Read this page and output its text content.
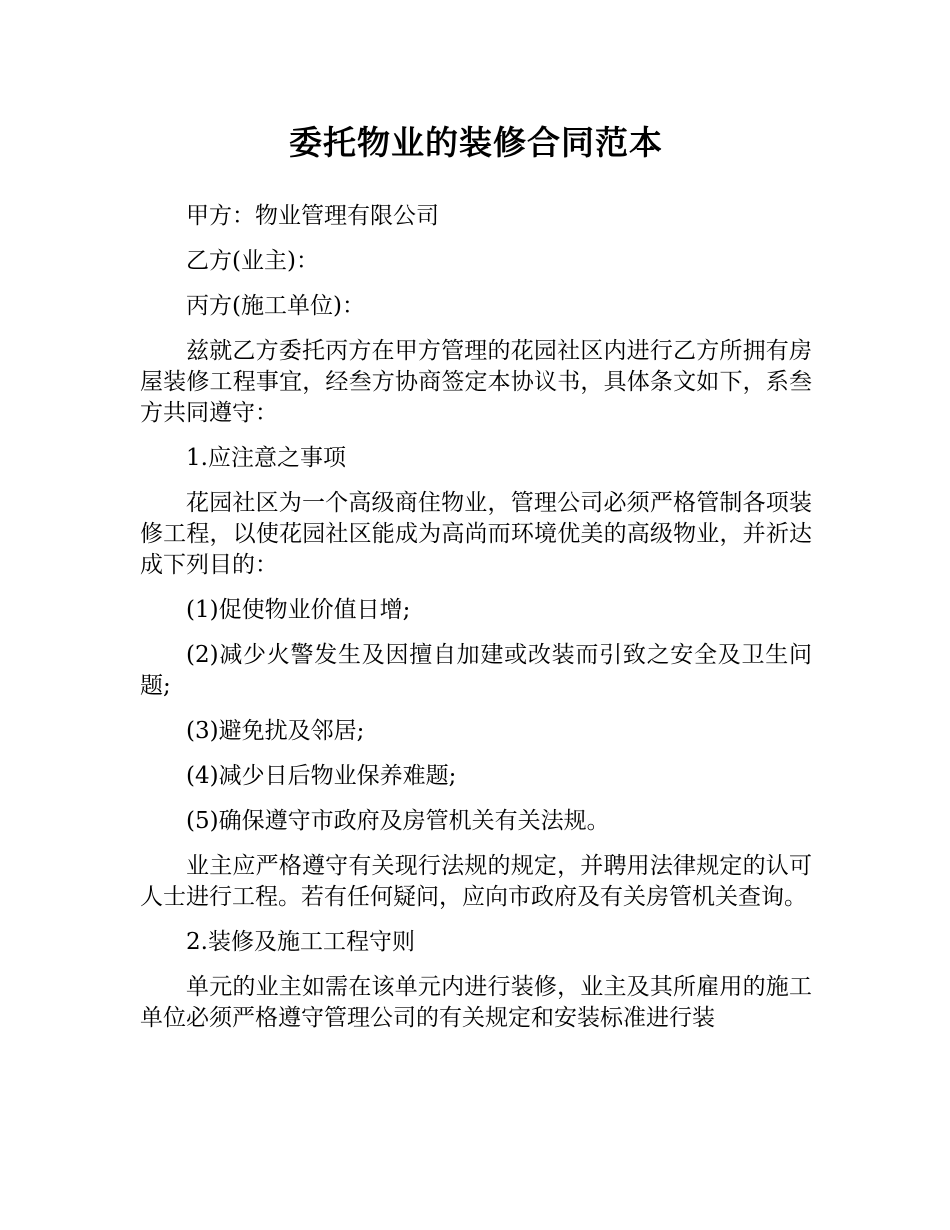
委托物业的装修合同范本

甲方：物业管理有限公司

乙方(业主)：

丙方(施工单位)：

兹就乙方委托丙方在甲方管理的花园社区内进行乙方所拥有房屋装修工程事宜，经叁方协商签定本协议书，具体条文如下，系叁方共同遵守：

1.应注意之事项

花园社区为一个高级商住物业，管理公司必须严格管制各项装修工程，以使花园社区能成为高尚而环境优美的高级物业，并祈达成下列目的：

(1)促使物业价值日增;

(2)减少火警发生及因擅自加建或改装而引致之安全及卫生问题;

(3)避免扰及邻居;

(4)减少日后物业保养难题;

(5)确保遵守市政府及房管机关有关法规。

业主应严格遵守有关现行法规的规定，并聘用法律规定的认可人士进行工程。若有任何疑问，应向市政府及有关房管机关查询。

2.装修及施工工程守则

单元的业主如需在该单元内进行装修，业主及其所雇用的施工单位必须严格遵守管理公司的有关规定和安装标准进行装
